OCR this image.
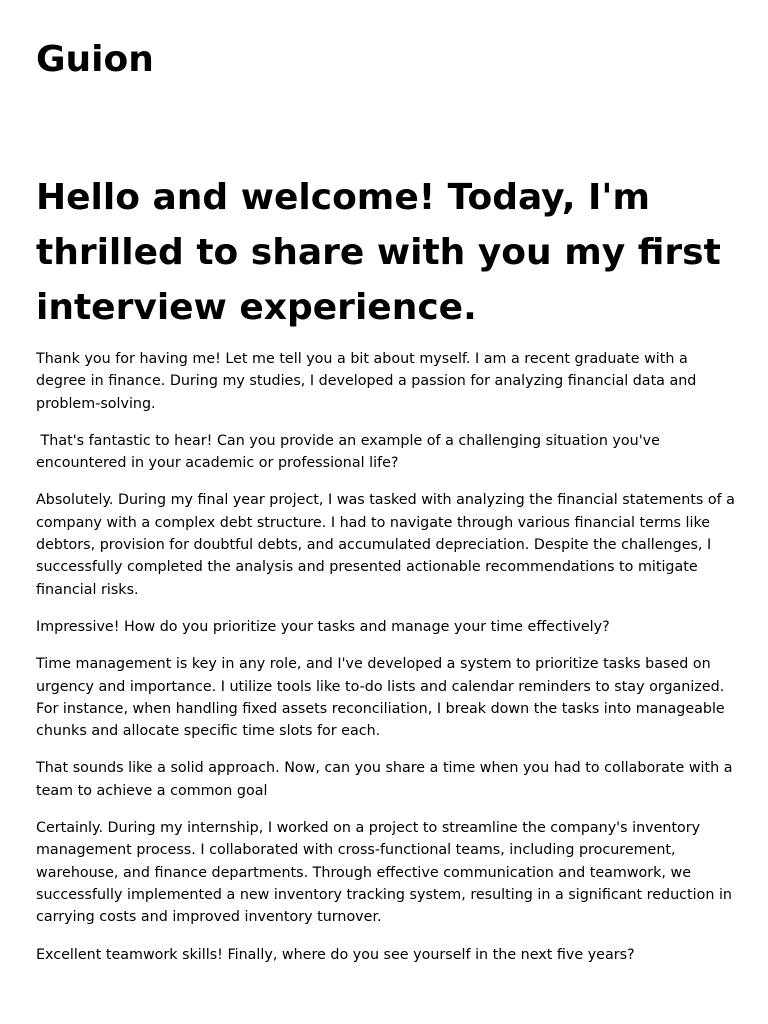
Guion
Hello and welcome! Today, I'm thrilled to share with you my first interview experience.

Thank you for having me! Let me tell you a bit about myself. I am a recent graduate with a degree in finance. During my studies, I developed a passion for analyzing financial data and problem-solving.

That's fantastic to hear! Can you provide an example of a challenging situation you've encountered in your academic or professional life?

Absolutely. During my final year project, I was tasked with analyzing the financial statements of a company with a complex debt structure. I had to navigate through various financial terms like debtors, provision for doubtful debts, and accumulated depreciation. Despite the challenges, I successfully completed the analysis and presented actionable recommendations to mitigate financial risks.

Impressive! How do you prioritize your tasks and manage your time effectively?

Time management is key in any role, and I've developed a system to prioritize tasks based on urgency and importance. I utilize tools like to-do lists and calendar reminders to stay organized. For instance, when handling fixed assets reconciliation, I break down the tasks into manageable chunks and allocate specific time slots for each.

That sounds like a solid approach. Now, can you share a time when you had to collaborate with a team to achieve a common goal

Certainly. During my internship, I worked on a project to streamline the company's inventory management process. I collaborated with cross-functional teams, including procurement, warehouse, and finance departments. Through effective communication and teamwork, we successfully implemented a new inventory tracking system, resulting in a significant reduction in carrying costs and improved inventory turnover.

Excellent teamwork skills! Finally, where do you see yourself in the next five years?
